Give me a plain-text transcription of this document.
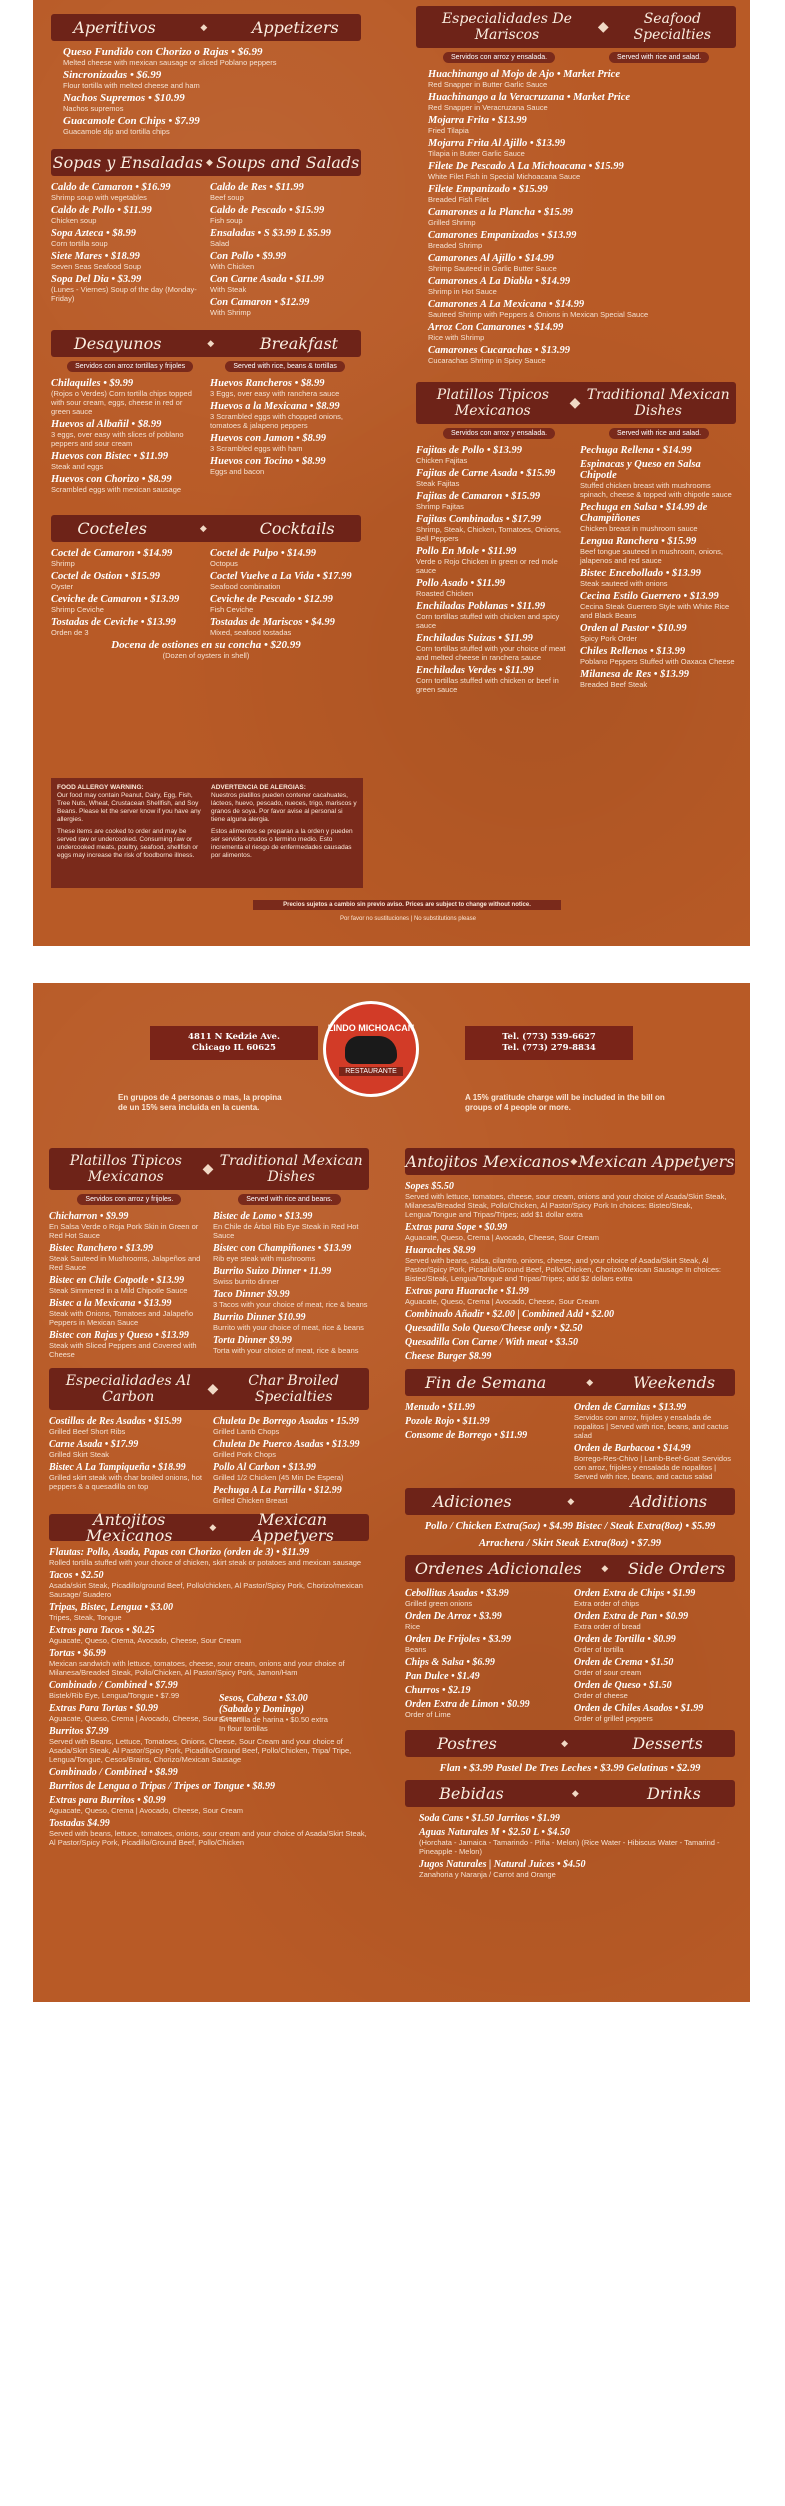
Aperitivos	◆	Appetizers
Queso Fundido con Chorizo o Rajas • $6.99
Melted cheese with mexican sausage or sliced Poblano peppers
Sincronizadas • $6.99
Flour tortilla with melted cheese and ham
Nachos Supremos • $10.99
Nachos supremos
Guacamole Con Chips • $7.99
Guacamole dip and tortilla chips
Sopas y Ensaladas ◆ Soups and Salads
Caldo de Camaron • $16.99
Shrimp soup with vegetables
Caldo de Pollo • $11.99
Chicken soup
Sopa Azteca • $8.99
Corn tortilla soup
Siete Mares • $18.99
Seven Seas Seafood Soup
Sopa Del Dia • $3.99
(Lunes - Viernes) Soup of the day (Monday-Friday)
Caldo de Res • $11.99
Beef soup
Caldo de Pescado • $15.99
Fish soup
Ensaladas • S $3.99 L $5.99
Salad
Con Pollo • $9.99
With Chicken
Con Carne Asada • $11.99
With Steak
Con Camaron • $12.99
With Shrimp
Desayunos	◆	Breakfast
Servidos con arroz tortillas y frijoles	Served with rice, beans & tortillas
Chilaquiles • $9.99
(Rojos o Verdes) Corn tortilla chips topped with sour cream, eggs, cheese in red or green sauce
Huevos al Albañil • $8.99
3 eggs, over easy with slices of poblano peppers and sour cream
Huevos con Bistec • $11.99
Steak and eggs
Huevos con Chorizo • $8.99
Scrambled eggs with mexican sausage
Huevos Rancheros • $8.99
3 Eggs, over easy with ranchera sauce
Huevos a la Mexicana • $8.99
3 Scrambled eggs with chopped onions, tomatoes & jalapeno peppers
Huevos con Jamon • $8.99
3 Scrambled eggs with ham
Huevos con Tocino • $8.99
Eggs and bacon
Cocteles	◆	Cocktails
Coctel de Camaron • $14.99
Shrimp
Coctel de Ostion • $15.99
Oyster
Ceviche de Camaron • $13.99
Shrimp Ceviche
Tostadas de Ceviche • $13.99
Orden de 3
Coctel de Pulpo • $14.99
Octopus
Coctel Vuelve a La Vida • $17.99
Seafood combination
Ceviche de Pescado • $12.99
Fish Ceviche
Tostadas de Mariscos • $4.99
Mixed, seafood tostadas
Docena de ostiones en su concha • $20.99
(Dozen of oysters in shell)
Especialidades De Mariscos	◆	Seafood Specialties
Servidos con arroz y ensalada.	Served with rice and salad.
Huachinango al Mojo de Ajo • Market Price
Red Snapper in Butter Garlic Sauce
Huachinango a la Veracruzana • Market Price
Red Snapper in Veracruzana Sauce
Mojarra Frita • $13.99
Fried Tilapia
Mojarra Frita Al Ajillo • $13.99
Tilapia in Butter Garlic Sauce
Filete De Pescado A La Michoacana • $15.99
White Filet Fish in Special Michoacana Sauce
Filete Empanizado • $15.99
Breaded Fish Filet
Camarones a la Plancha • $15.99
Grilled Shrimp
Camarones Empanizados • $13.99
Breaded Shrimp
Camarones Al Ajillo • $14.99
Shrimp Sauteed in Garlic Butter Sauce
Camarones A La Diabla • $14.99
Shrimp in Hot Sauce
Camarones A La Mexicana • $14.99
Sauteed Shrimp with Peppers & Onions in Mexican Special Sauce
Arroz Con Camarones • $14.99
Rice with Shrimp
Camarones Cucarachas • $13.99
Cucarachas Shrimp in Spicy Sauce
Platillos Tipicos Mexicanos	◆ Traditional Mexican Dishes
Servidos con arroz y ensalada.	Served with rice and salad.
Fajitas de Pollo • $13.99
Chicken Fajitas
Fajitas de Carne Asada • $15.99
Steak Fajitas
Fajitas de Camaron • $15.99
Shrimp Fajitas
Fajitas Combinadas • $17.99
Shrimp, Steak, Chicken, Tomatoes, Onions, Bell Peppers
Pollo En Mole • $11.99
Verde o Rojo Chicken in green or red mole sauce
Pollo Asado • $11.99
Roasted Chicken
Enchiladas Poblanas • $11.99
Corn tortillas stuffed with chicken and spicy sauce
Enchiladas Suizas • $11.99
Corn tortillas stuffed with your choice of meat and melted cheese in ranchera sauce
Enchiladas Verdes • $11.99
Corn tortillas stuffed with chicken or beef in green sauce
Pechuga Rellena • $14.99
Espinacas y Queso en Salsa Chipotle
Stuffed chicken breast with mushrooms spinach, cheese & topped with chipotle sauce
Pechuga en Salsa • $14.99 de Champiñones
Chicken breast in mushroom sauce
Lengua Ranchera • $15.99
Beef tongue sauteed in mushroom, onions, jalapenos and red sauce
Bistec Encebollado • $13.99
Steak sauteed with onions
Cecina Estilo Guerrero • $13.99
Cecina Steak Guerrero Style with White Rice and Black Beans
Orden al Pastor • $10.99
Spicy Pork Order
Chiles Rellenos • $13.99
Poblano Peppers Stuffed with Oaxaca Cheese
Milanesa de Res • $13.99
Breaded Beef Steak
FOOD ALLERGY WARNING:
Our food may contain Peanut, Dairy, Egg, Fish, Tree Nuts, Wheat, Crustacean Shellfish, and Soy Beans. Please let the server know if you have any allergies.
These items are cooked to order and may be served raw or undercooked. Consuming raw or undercooked meats, poultry, seafood, shellfish or eggs may increase the risk of foodborne illness.
ADVERTENCIA DE ALERGIAS:
Nuestros platillos pueden contener cacahuates, lácteos, huevo, pescado, nueces, trigo, mariscos y granos de soya. Por favor avise al personal si tiene alguna alergia.
Estos alimentos se preparan a la orden y pueden ser servidos crudos o termino medio. Esto incrementa el riesgo de enfermedades causadas por alimentos.
Precios sujetos a cambio sin previo aviso. Prices are subject to change without notice.
Por favor no sustituciones | No substitutions please
4811 N Kedzie Ave.
Chicago IL 60625
Tel. (773) 539-6627
Tel. (773) 279-8834
LINDO MICHOACAN
RESTAURANTE
En grupos de 4 personas o mas, la propina de un 15% sera incluida en la cuenta.
A 15% gratitude charge will be included in the bill on groups of 4 people or more.
Platillos Tipicos Mexicanos	◆ Traditional Mexican Dishes
Servidos con arroz y frijoles.	Served with rice and beans.
Chicharron • $9.99
En Salsa Verde o Roja Pork Skin in Green or Red Hot Sauce
Bistec Ranchero • $13.99
Steak Sauteed in Mushrooms, Jalapeños and Red Sauce
Bistec en Chile Cotpotle • $13.99
Steak Simmered in a Mild Chipotle Sauce
Bistec a la Mexicana • $13.99
Steak with Onions, Tomatoes and Jalapeño Peppers in Mexican Sauce
Bistec con Rajas y Queso • $13.99
Steak with Sliced Peppers and Covered with Cheese
Bistec de Lomo • $13.99
En Chile de Árbol Rib Eye Steak in Red Hot Sauce
Bistec con Champiñones • $13.99
Rib eye steak with mushrooms
Burrito Suizo Dinner • 11.99
Swiss burrito dinner
Taco Dinner $9.99
3 Tacos with your choice of meat, rice & beans
Burrito Dinner $10.99
Burrito with your choice of meat, rice & beans
Torta Dinner $9.99
Torta with your choice of meat, rice & beans
Especialidades Al Carbon	◆	Char Broiled Specialties
Costillas de Res Asadas • $15.99
Grilled Beef Short Ribs
Carne Asada • $17.99
Grilled Skirt Steak
Bistec A La Tampiqueña • $18.99
Grilled skirt steak with char broiled onions, hot peppers & a quesadilla on top
Chuleta De Borrego Asadas • 15.99
Grilled Lamb Chops
Chuleta De Puerco Asadas • $13.99
Grilled Pork Chops
Pollo Al Carbon • $13.99
Grilled 1/2 Chicken (45 Min De Espera)
Pechuga A La Parrilla • $12.99
Grilled Chicken Breast
Antojitos Mexicanos	◆	Mexican Appetyers
Flautas: Pollo, Asada, Papas con Chorizo (orden de 3) • $11.99
Rolled tortilla stuffed with your choice of chicken, skirt steak or potatoes and mexican sausage
Tacos • $2.50
Asada/skirt Steak, Picadillo/ground Beef, Pollo/chicken, Al Pastor/Spicy Pork, Chorizo/mexican Sausage/ Suadero
Tripas, Bistec, Lengua • $3.00
Tripes, Steak, Tongue
Extras para Tacos • $0.25
Aguacate, Queso, Crema, Avocado, Cheese, Sour Cream
Tortas • $6.99
Mexican sandwich with lettuce, tomatoes, cheese, sour cream, onions and your choice of Milanesa/Breaded Steak, Pollo/Chicken, Al Pastor/Spicy Pork, Jamon/Ham
Combinado / Combined • $7.99
Bistek/Rib Eye, Lengua/Tongue • $7.99
Extras Para Tortas • $0.99
Aguacate, Queso, Crema | Avocado, Cheese, Sour Cream
Burritos $7.99
Served with Beans, Lettuce, Tomatoes, Onions, Cheese, Sour Cream and your choice of Asada/Skirt Steak, Al Pastor/Spicy Pork, Picadillo/Ground Beef, Pollo/Chicken, Tripa/ Tripe, Lengua/Tongue, Cesos/Brains, Chorizo/Mexican Sausage
Combinado / Combined • $8.99
Burritos de Lengua o Tripas / Tripes or Tongue • $8.99
Extras para Burritos • $0.99
Aguacate, Queso, Crema | Avocado, Cheese, Sour Cream
Tostadas $4.99
Served with beans, lettuce, tomatoes, onions, sour cream and your choice of Asada/Skirt Steak, Al Pastor/Spicy Pork, Picadillo/Ground Beef, Pollo/Chicken
Sesos, Cabeza • $3.00
(Sabado y Domingo)
En tortilla de harina • $0.50 extra
In flour tortillas
Agregar Huevo / Add Egg • $7.99
Antojitos Mexicanos ◆ Mexican Appetyers
Sopes $5.50
Served with lettuce, tomatoes, cheese, sour cream, onions and your choice of Asada/Skirt Steak, Milanesa/Breaded Steak, Pollo/Chicken, Al Pastor/Spicy Pork In choices: Bistec/Steak, Lengua/Tongue and Tripas/Tripes; add $1 dollar extra
Extras para Sope • $0.99
Aguacate, Queso, Crema | Avocado, Cheese, Sour Cream
Huaraches $8.99
Served with beans, salsa, cilantro, onions, cheese, and your choice of Asada/Skirt Steak, Al Pastor/Spicy Pork, Picadillo/Ground Beef, Pollo/Chicken, Chorizo/Mexican Sausage In choices: Bistec/Steak, Lengua/Tongue and Tripas/Tripes; add $2 dollars extra
Extras para Huarache • $1.99
Aguacate, Queso, Crema | Avocado, Cheese, Sour Cream
Combinado Añadir • $2.00 | Combined Add • $2.00
Quesadilla Solo Queso/Cheese only • $2.50
Quesadilla Con Carne / With meat • $3.50
Cheese Burger $8.99
Fin de Semana	◆ Weekends
Menudo • $11.99
Pozole Rojo • $11.99
Consome de Borrego • $11.99
Orden de Carnitas • $13.99
Servidos con arroz, frijoles y ensalada de nopalitos | Served with rice, beans, and cactus salad
Orden de Barbacoa • $14.99
Borrego-Res-Chivo | Lamb-Beef-Goat Servidos con arroz, frijoles y ensalada de nopalitos | Served with rice, beans, and cactus salad
Adiciones	◆	Additions
Pollo / Chicken Extra(5oz) • $4.99 Bistec / Steak Extra(8oz) • $5.99
Arrachera / Skirt Steak Extra(8oz) • $7.99
Ordenes Adicionales ◆ Side Orders
Cebollitas Asadas • $3.99
Grilled green onions
Orden De Arroz • $3.99
Rice
Orden De Frijoles • $3.99
Beans
Chips & Salsa • $6.99
Pan Dulce • $1.49
Churros • $2.19
Orden Extra de Limon • $0.99
Order of Lime
Orden Extra de Chips • $1.99
Extra order of chips
Orden Extra de Pan • $0.99
Extra order of bread
Orden de Tortilla • $0.99
Order of tortilla
Orden de Crema • $1.50
Order of sour cream
Orden de Queso • $1.50
Order of cheese
Orden de Chiles Asados • $1.99
Order of grilled peppers
Postres	◆	Desserts
Flan • $3.99 Pastel De Tres Leches • $3.99 Gelatinas • $2.99
Bebidas	◆	Drinks
Soda Cans • $1.50 Jarritos • $1.99
Aguas Naturales M • $2.50 L • $4.50
(Horchata - Jamaica - Tamarindo - Piña - Melon) (Rice Water - Hibiscus Water - Tamarind - Pineapple - Melon)
Jugos Naturales | Natural Juices • $4.50
Zanahoria y Naranja / Carrot and Orange
